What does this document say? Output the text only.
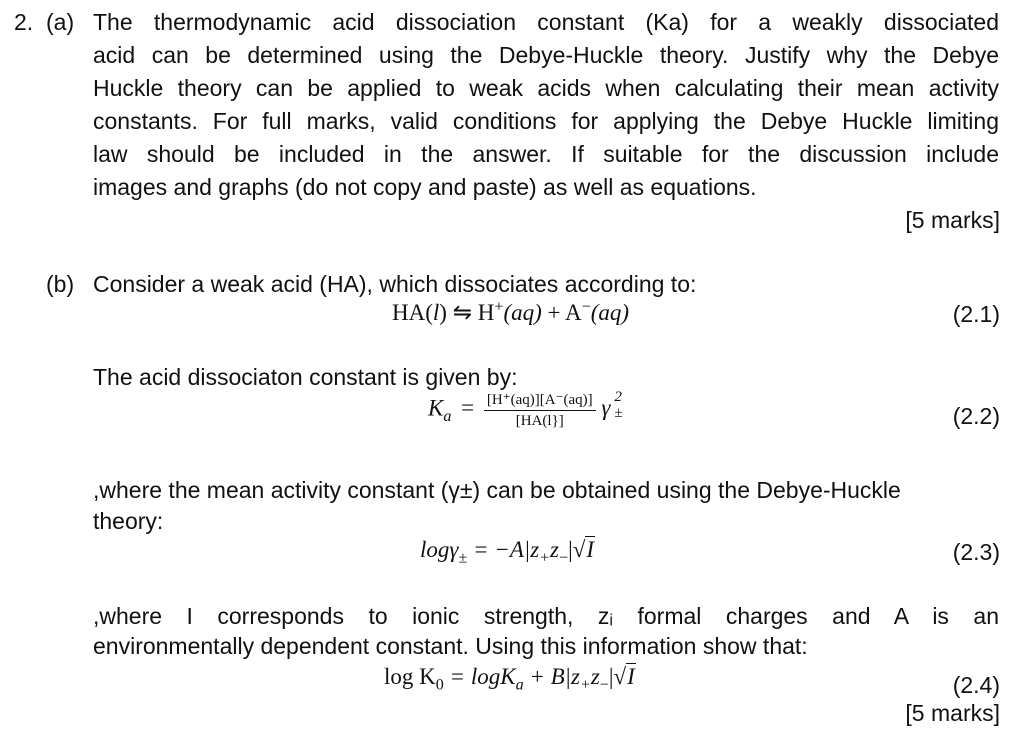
2. (a) The thermodynamic acid dissociation constant (Ka) for a weakly dissociated
acid can be determined using the Debye-Huckle theory. Justify why the Debye
Huckle theory can be applied to weak acids when calculating their mean activity
constants. For full marks, valid conditions for applying the Debye Huckle limiting
law should be included in the answer. If suitable for the discussion include
images and graphs (do not copy and paste) as well as equations.
[5 marks]
(b) Consider a weak acid (HA), which dissociates according to:
HA(l) ⇋ H+(aq) + A−(aq)	(2.1)
The acid dissociaton constant is given by:
$K_a = \frac{[H^+(aq)][A^-(aq)]}{[HA(l\}]}$ γ 2
±	(2.2)
,where the mean activity constant (γ±) can be obtained using the Debye-Huckle
theory:
$\log\gamma_\pm = -A|z_+z_-|√I$	(2.3)
,where I corresponds to ionic strength, zᵢ formal charges and A is an
environmentally dependent constant. Using this information show that:
$\log K_0 = \log K_a + B|z_+z_-|√I$	(2.4)
[5 marks]
